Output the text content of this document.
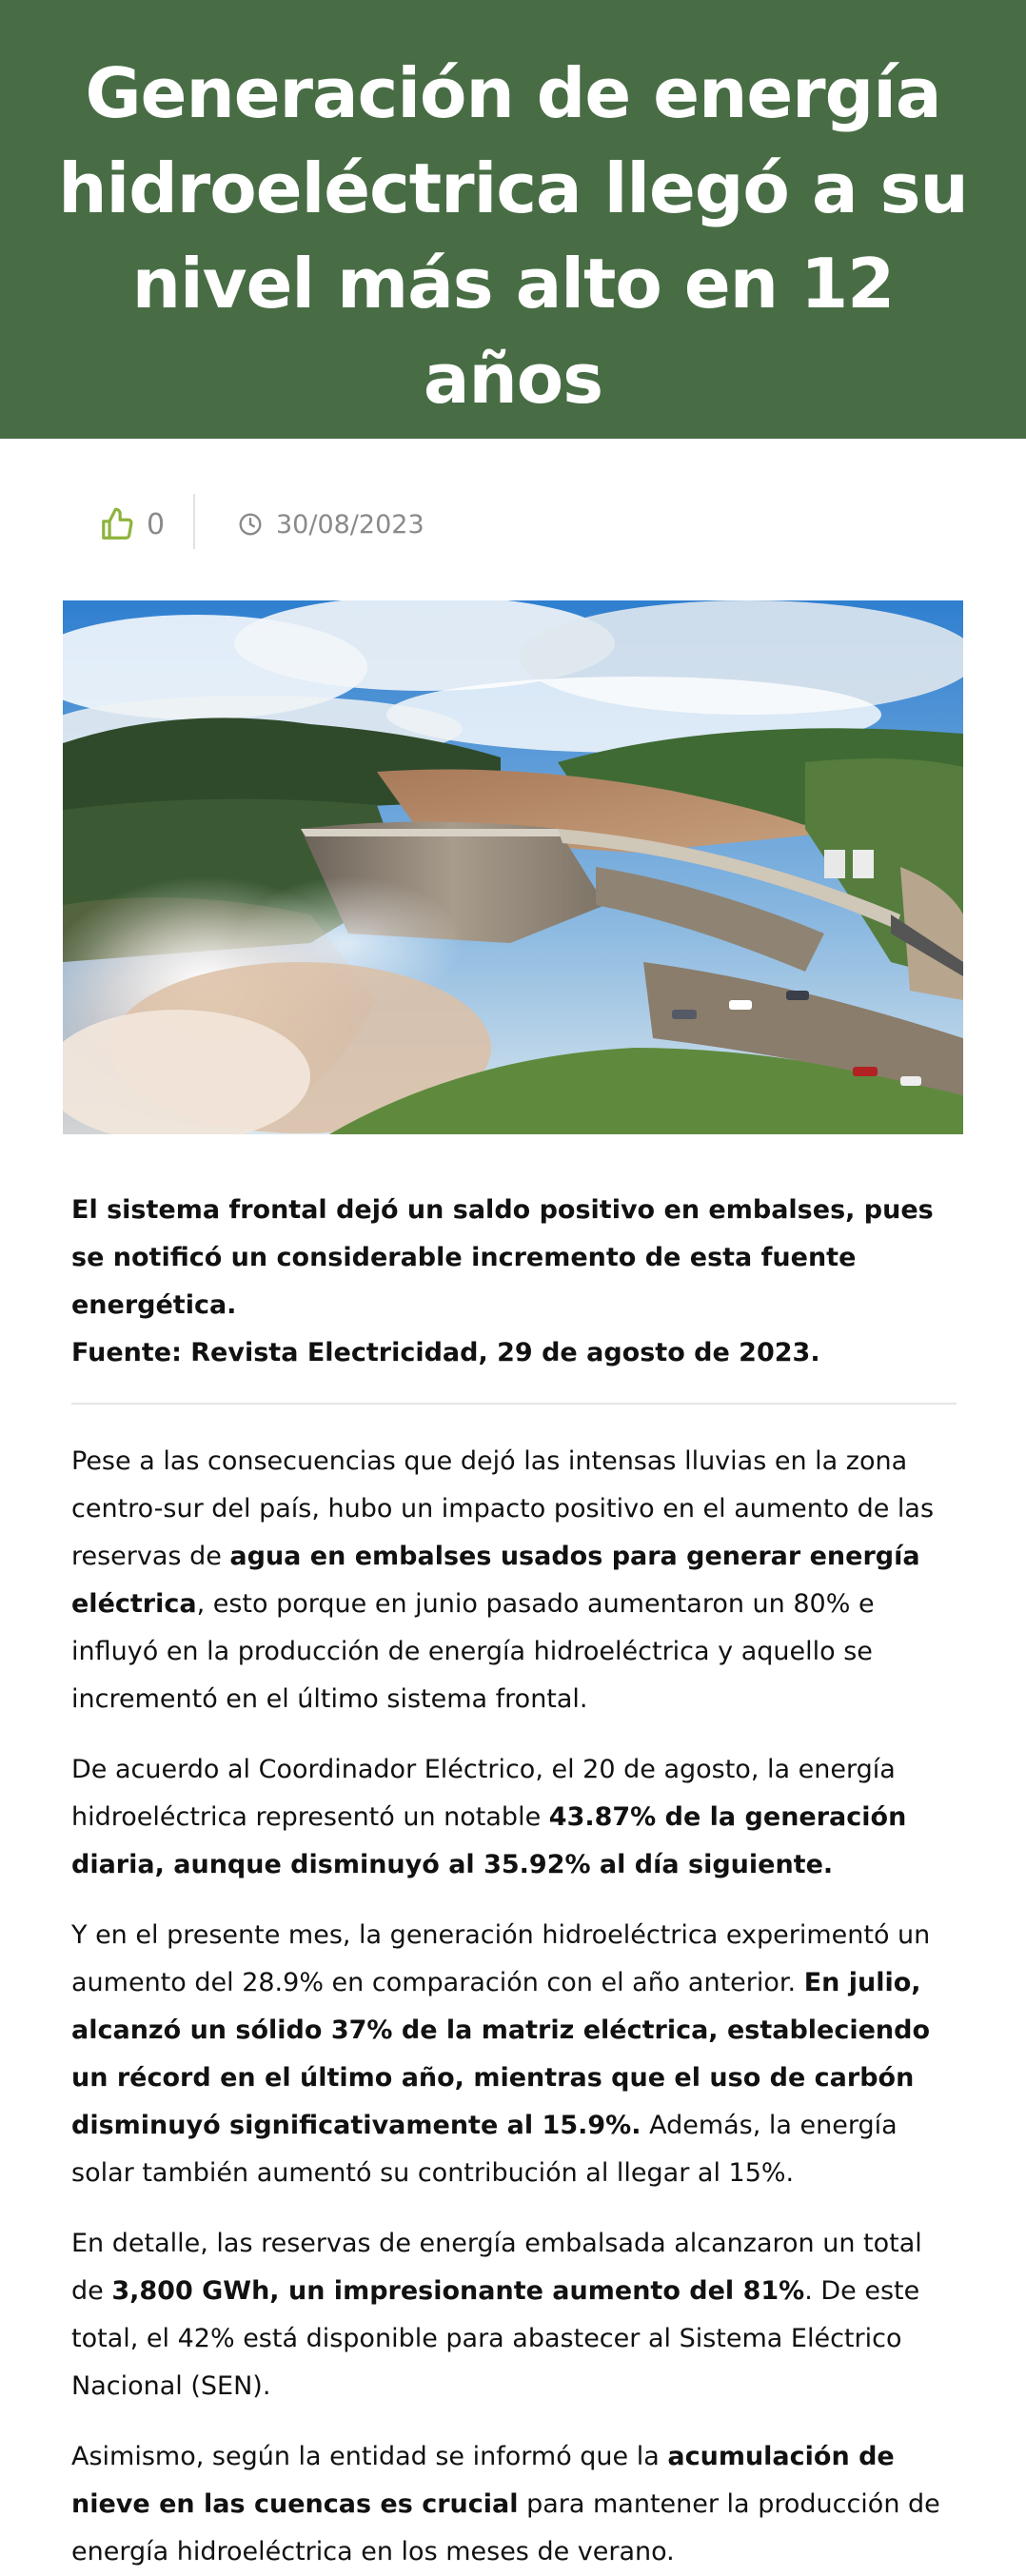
Generación de energía hidroeléctrica llegó a su nivel más alto en 12 años
0	30/08/2023

El sistema frontal dejó un saldo positivo en embalses, pues se notificó un considerable incremento de esta fuente energética.
Fuente: Revista Electricidad, 29 de agosto de 2023.

Pese a las consecuencias que dejó las intensas lluvias en la zona centro-sur del país, hubo un impacto positivo en el aumento de las reservas de agua en embalses usados para generar energía eléctrica, esto porque en junio pasado aumentaron un 80% e influyó en la producción de energía hidroeléctrica y aquello se incrementó en el último sistema frontal.

De acuerdo al Coordinador Eléctrico, el 20 de agosto, la energía hidroeléctrica representó un notable 43.87% de la generación diaria, aunque disminuyó al 35.92% al día siguiente.

Y en el presente mes, la generación hidroeléctrica experimentó un aumento del 28.9% en comparación con el año anterior. En julio, alcanzó un sólido 37% de la matriz eléctrica, estableciendo un récord en el último año, mientras que el uso de carbón disminuyó significativamente al 15.9%. Además, la energía solar también aumentó su contribución al llegar al 15%.

En detalle, las reservas de energía embalsada alcanzaron un total de 3,800 GWh, un impresionante aumento del 81%. De este total, el 42% está disponible para abastecer al Sistema Eléctrico Nacional (SEN).

Asimismo, según la entidad se informó que la acumulación de nieve en las cuencas es crucial para mantener la producción de energía hidroeléctrica en los meses de verano.
